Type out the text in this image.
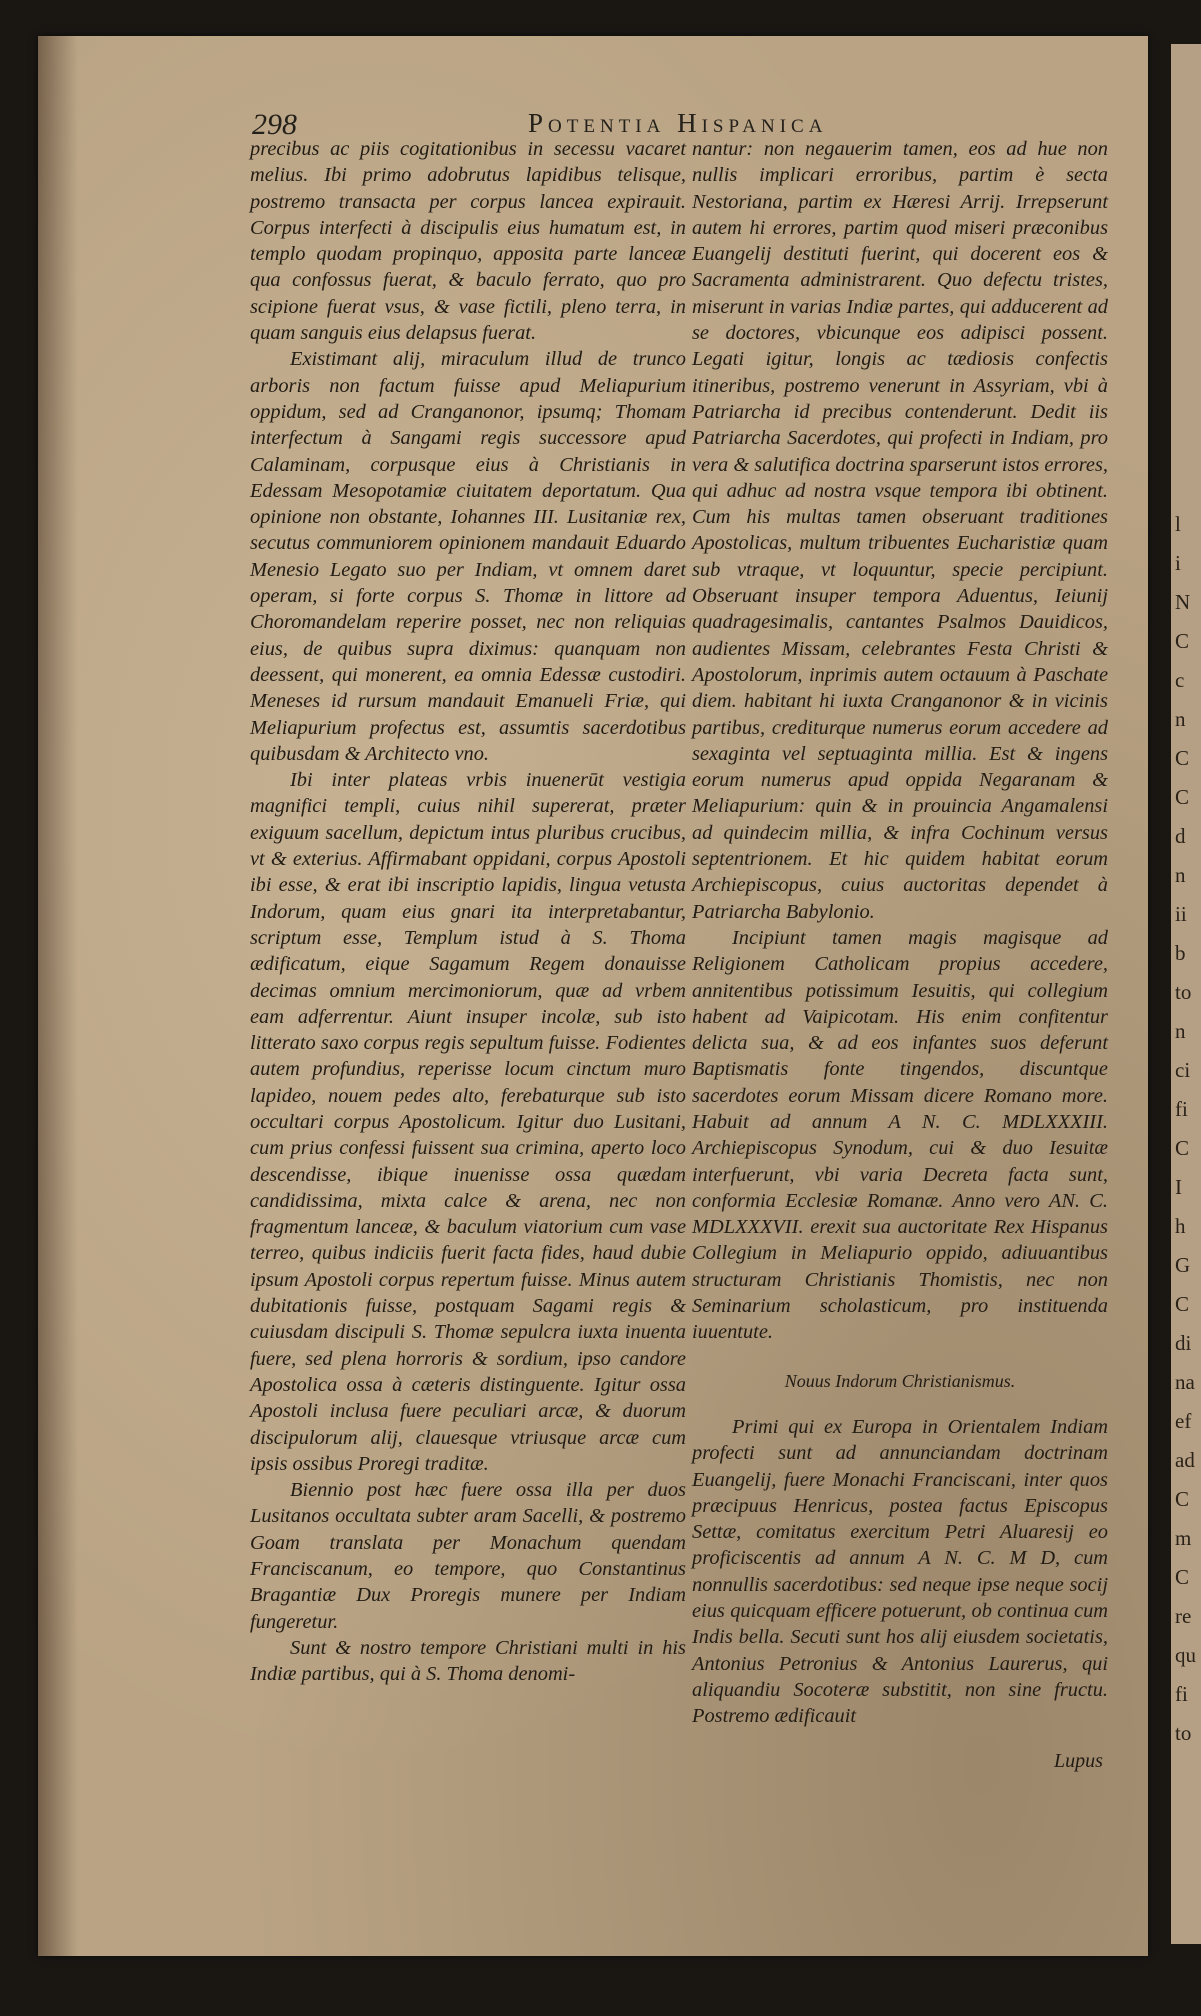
l
i
N
C
c
n
C
C
d
n
ii
b
to
n
ci
fi
C
I
h
G
C
di
na
ef
ad
C
m
C
re
qu
fi
to
298	Potentia Hispanica

precibus ac piis cogitationibus in secessu vacaret melius. Ibi primo adobrutus lapidibus telisque, postremo transacta per corpus lancea expirauit. Corpus interfecti à discipulis eius humatum est, in templo quodam propinquo, apposita parte lanceæ qua confossus fuerat, & baculo ferrato, quo pro scipione fuerat vsus, & vase fictili, pleno terra, in quam sanguis eius delapsus fuerat.

Existimant alij, miraculum illud de trunco arboris non factum fuisse apud Meliapurium oppidum, sed ad Cranganonor, ipsumq; Thomam interfectum à Sangami regis successore apud Calaminam, corpusque eius à Christianis in Edessam Mesopotamiæ ciuitatem deportatum. Qua opinione non obstante, Iohannes III. Lusitaniæ rex, secutus communiorem opinionem mandauit Eduardo Menesio Legato suo per Indiam, vt omnem daret operam, si forte corpus S. Thomæ in littore ad Choromandelam reperire posset, nec non reliquias eius, de quibus supra diximus: quanquam non deessent, qui monerent, ea omnia Edessæ custodiri. Meneses id rursum mandauit Emanueli Friæ, qui Meliapurium profectus est, assumtis sacerdotibus quibusdam & Architecto vno.

Ibi inter plateas vrbis inuenerūt vestigia magnifici templi, cuius nihil supererat, præter exiguum sacellum, depictum intus pluribus crucibus, vt & exterius. Affirmabant oppidani, corpus Apostoli ibi esse, & erat ibi inscriptio lapidis, lingua vetusta Indorum, quam eius gnari ita interpretabantur, scriptum esse, Templum istud à S. Thoma ædificatum, eique Sagamum Regem donauisse decimas omnium mercimoniorum, quæ ad vrbem eam adferrentur. Aiunt insuper incolæ, sub isto litterato saxo corpus regis sepultum fuisse. Fodientes autem profundius, reperisse locum cinctum muro lapideo, nouem pedes alto, ferebaturque sub isto occultari corpus Apostolicum. Igitur duo Lusitani, cum prius confessi fuissent sua crimina, aperto loco descendisse, ibique inuenisse ossa quædam candidissima, mixta calce & arena, nec non fragmentum lanceæ, & baculum viatorium cum vase terreo, quibus indiciis fuerit facta fides, haud dubie ipsum Apostoli corpus repertum fuisse. Minus autem dubitationis fuisse, postquam Sagami regis & cuiusdam discipuli S. Thomæ sepulcra iuxta inuenta fuere, sed plena horroris & sordium, ipso candore Apostolica ossa à cæteris distinguente. Igitur ossa Apostoli inclusa fuere peculiari arcæ, & duorum discipulorum alij, clauesque vtriusque arcæ cum ipsis ossibus Proregi traditæ.

Biennio post hæc fuere ossa illa per duos Lusitanos occultata subter aram Sacelli, & postremo Goam translata per Monachum quendam Franciscanum, eo tempore, quo Constantinus Bragantiæ Dux Proregis munere per Indiam fungeretur.

Sunt & nostro tempore Christiani multi in his Indiæ partibus, qui à S. Thoma denomi-

nantur: non negauerim tamen, eos ad hue non nullis implicari erroribus, partim è secta Nestoriana, partim ex Hæresi Arrij. Irrepserunt autem hi errores, partim quod miseri præconibus Euangelij destituti fuerint, qui docerent eos & Sacramenta administrarent. Quo defectu tristes, miserunt in varias Indiæ partes, qui adducerent ad se doctores, vbicunque eos adipisci possent. Legati igitur, longis ac tædiosis confectis itineribus, postremo venerunt in Assyriam, vbi à Patriarcha id precibus contenderunt. Dedit iis Patriarcha Sacerdotes, qui profecti in Indiam, pro vera & salutifica doctrina sparserunt istos errores, qui adhuc ad nostra vsque tempora ibi obtinent. Cum his multas tamen obseruant traditiones Apostolicas, multum tribuentes Eucharistiæ quam sub vtraque, vt loquuntur, specie percipiunt. Obseruant insuper tempora Aduentus, Ieiunij quadragesimalis, cantantes Psalmos Dauidicos, audientes Missam, celebrantes Festa Christi & Apostolorum, inprimis autem octauum à Paschate diem. habitant hi iuxta Cranganonor & in vicinis partibus, crediturque numerus eorum accedere ad sexaginta vel septuaginta millia. Est & ingens eorum numerus apud oppida Negaranam & Meliapurium: quin & in prouincia Angamalensi ad quindecim millia, & infra Cochinum versus septentrionem. Et hic quidem habitat eorum Archiepiscopus, cuius auctoritas dependet à Patriarcha Babylonio.

Incipiunt tamen magis magisque ad Religionem Catholicam propius accedere, annitentibus potissimum Iesuitis, qui collegium habent ad Vaipicotam. His enim confitentur delicta sua, & ad eos infantes suos deferunt Baptismatis fonte tingendos, discuntque sacerdotes eorum Missam dicere Romano more. Habuit ad annum A N. C. MDLXXXIII. Archiepiscopus Synodum, cui & duo Iesuitæ interfuerunt, vbi varia Decreta facta sunt, conformia Ecclesiæ Romanæ. Anno vero AN. C. MDLXXXVII. erexit sua auctoritate Rex Hispanus Collegium in Meliapurio oppido, adiuuantibus structuram Christianis Thomistis, nec non Seminarium scholasticum, pro instituenda iuuentute.

Nouus Indorum Christianismus.

Primi qui ex Europa in Orientalem Indiam profecti sunt ad annunciandam doctrinam Euangelij, fuere Monachi Franciscani, inter quos præcipuus Henricus, postea factus Episcopus Settæ, comitatus exercitum Petri Aluaresij eo proficiscentis ad annum A N. C. M D, cum nonnullis sacerdotibus: sed neque ipse neque socij eius quicquam efficere potuerunt, ob continua cum Indis bella. Secuti sunt hos alij eiusdem societatis, Antonius Petronius & Antonius Laurerus, qui aliquandiu Socoteræ substitit, non sine fructu. Postremo ædificauit

Lupus
